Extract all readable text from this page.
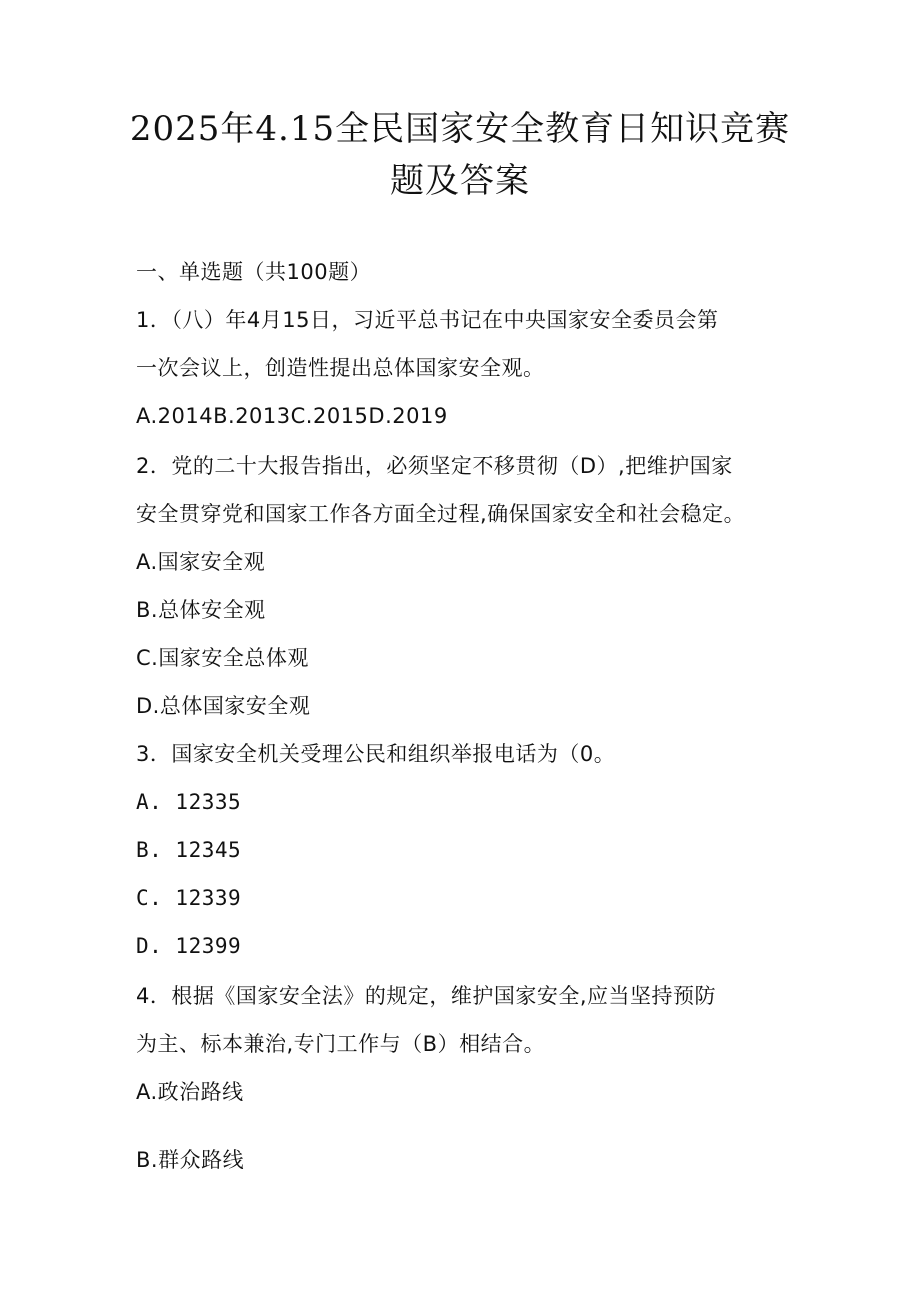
2025年4.15全民国家安全教育日知识竞赛
题及答案
一、单选题（共100题）
1．（八）年4月15日，习近平总书记在中央国家安全委员会第
一次会议上，创造性提出总体国家安全观。
A.2014B.2013C.2015D.2019
2．党的二十大报告指出，必须坚定不移贯彻（D）,把维护国家
安全贯穿党和国家工作各方面全过程,确保国家安全和社会稳定。
A.国家安全观
B.总体安全观
C.国家安全总体观
D.总体国家安全观
3．国家安全机关受理公民和组织举报电话为（0。
A. 12335
B. 12345
C. 12339
D. 12399
4．根据《国家安全法》的规定，维护国家安全,应当坚持预防
为主、标本兼治,专门工作与（B）相结合。
A.政治路线
B.群众路线
